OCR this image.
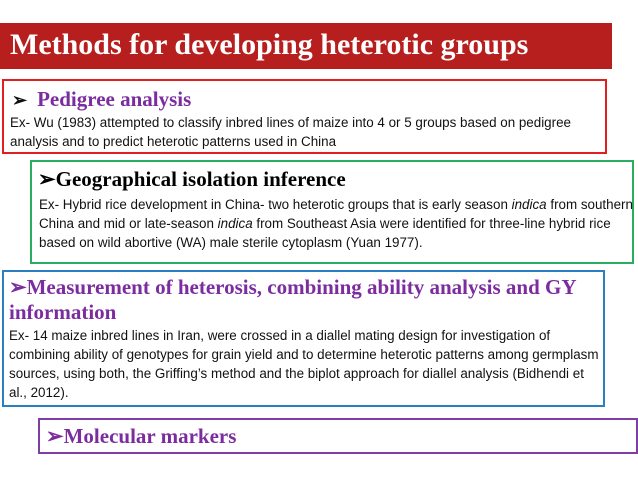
Methods for developing heterotic groups
➢ Pedigree analysis
Ex- Wu (1983) attempted to classify inbred lines of maize into 4 or 5 groups based on pedigree analysis and to predict heterotic patterns used in China
➢Geographical isolation inference
Ex- Hybrid rice development in China- two heterotic groups that is early season indica from southern China and mid or late-season indica from Southeast Asia were identified for three-line hybrid rice based on wild abortive (WA) male sterile cytoplasm (Yuan 1977).
➢Measurement of heterosis, combining ability analysis and GY information
Ex- 14 maize inbred lines in Iran, were crossed in a diallel mating design for investigation of combining ability of genotypes for grain yield and to determine heterotic patterns among germplasm sources, using both, the Griffing’s method and the biplot approach for diallel analysis (Bidhendi et al., 2012).
➢Molecular markers
